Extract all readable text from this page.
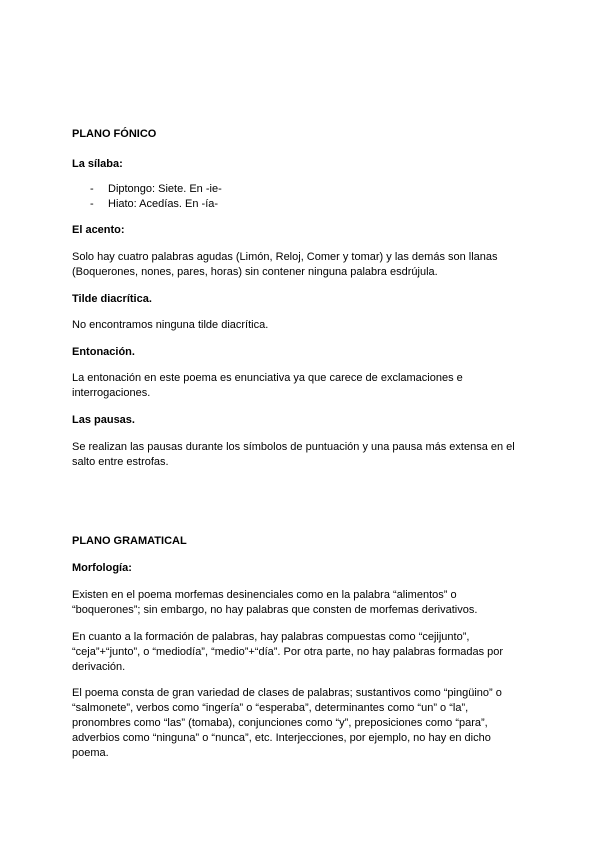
PLANO FÓNICO
La sílaba:
- Diptongo: Siete. En -ie-
- Hiato: Acedías. En -ía-
El acento:
Solo hay cuatro palabras agudas (Limón, Reloj, Comer y tomar) y las demás son llanas
(Boquerones, nones, pares, horas) sin contener ninguna palabra esdrújula.
Tilde diacrítica.
No encontramos ninguna tilde diacrítica.
Entonación.
La entonación en este poema es enunciativa ya que carece de exclamaciones e
interrogaciones.
Las pausas.
Se realizan las pausas durante los símbolos de puntuación y una pausa más extensa en el
salto entre estrofas.
PLANO GRAMATICAL
Morfología:
Existen en el poema morfemas desinenciales como en la palabra “alimentos” o
“boquerones”; sin embargo, no hay palabras que consten de morfemas derivativos.
En cuanto a la formación de palabras, hay palabras compuestas como “cejijunto”,
“ceja”+“junto”, o “mediodía”, “medio”+“día”. Por otra parte, no hay palabras formadas por
derivación.
El poema consta de gran variedad de clases de palabras; sustantivos como “pingüino” o
“salmonete”, verbos como “ingería” o “esperaba”, determinantes como “un” o “la”,
pronombres como “las” (tomaba), conjunciones como “y”, preposiciones como “para”,
adverbios como “ninguna” o “nunca”, etc. Interjecciones, por ejemplo, no hay en dicho
poema.
